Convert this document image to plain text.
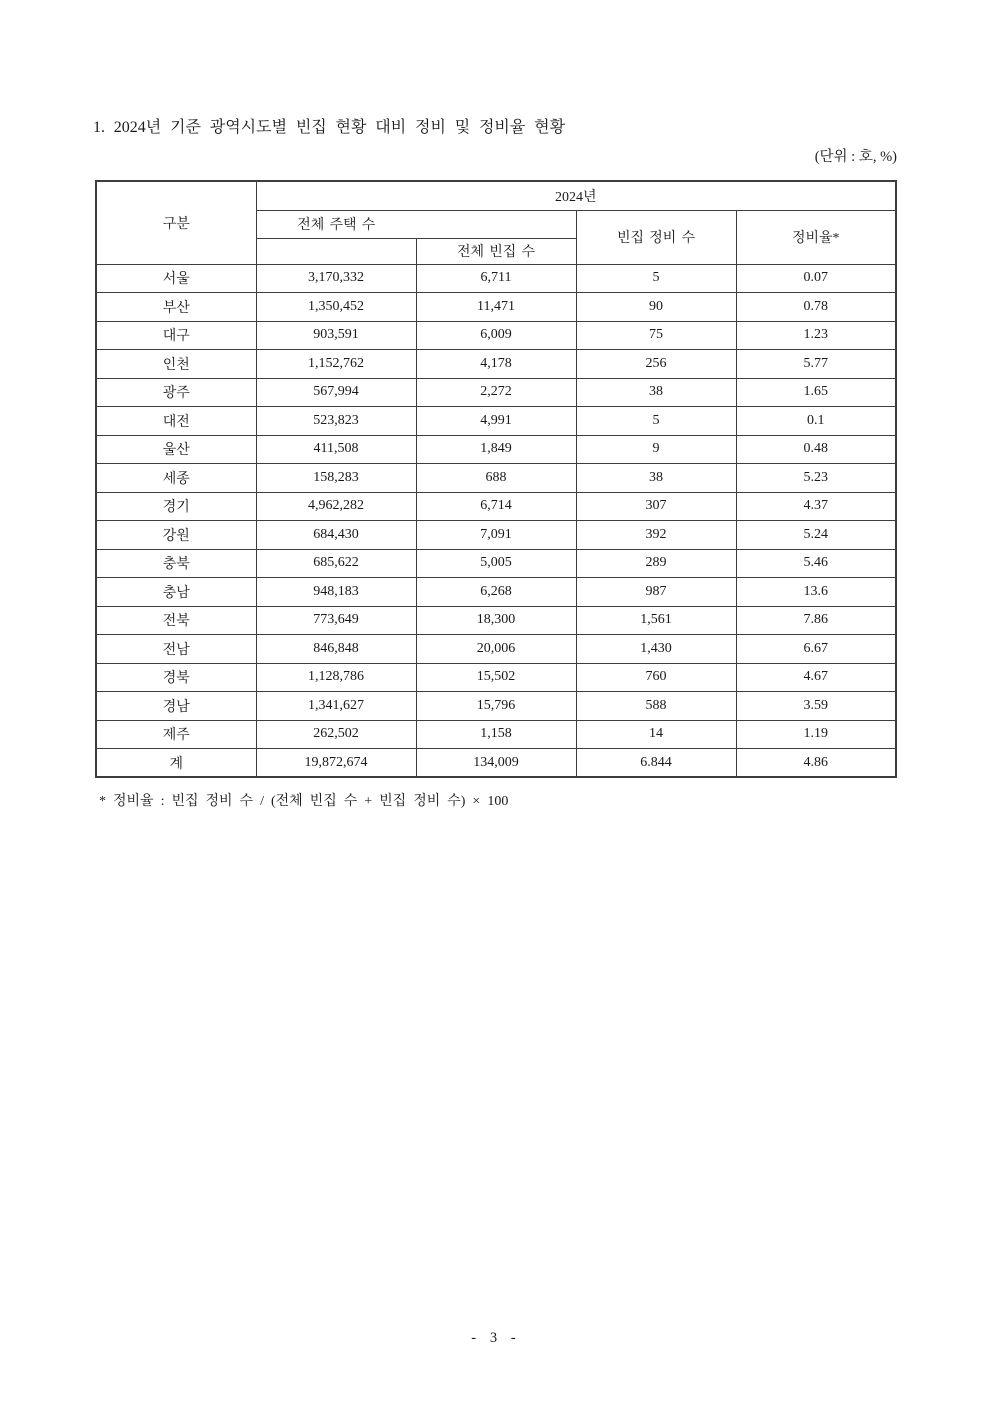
1. 2024년 기준 광역시도별 빈집 현황 대비 정비 및 정비율 현황
(단위 : 호, %)
구분	2024년			

	전체 주택 수		빈집 정비 수	정비율*
		전체 빈집 수		
서울	3,170,332	6,711	5	0.07
부산	1,350,452	11,471	90	0.78
대구	903,591	6,009	75	1.23
인천	1,152,762	4,178	256	5.77
광주	567,994	2,272	38	1.65
대전	523,823	4,991	5	0.1
울산	411,508	1,849	9	0.48
세종	158,283	688	38	5.23
경기	4,962,282	6,714	307	4.37
강원	684,430	7,091	392	5.24
충북	685,622	5,005	289	5.46
충남	948,183	6,268	987	13.6
전북	773,649	18,300	1,561	7.86
전남	846,848	20,006	1,430	6.67
경북	1,128,786	15,502	760	4.67
경남	1,341,627	15,796	588	3.59
제주	262,502	1,158	14	1.19
계	19,872,674	134,009	6.844	4.86
* 정비율 : 빈집 정비 수 / (전체 빈집 수 + 빈집 정비 수) × 100
- 3 -
